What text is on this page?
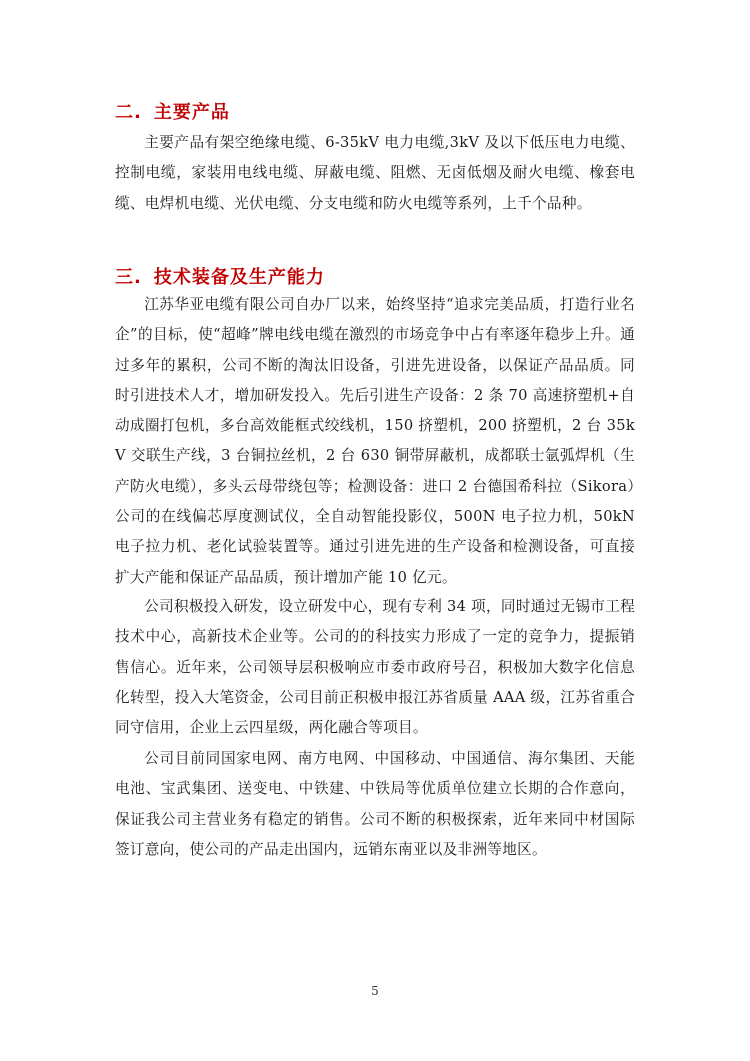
二. 主要产品

主要产品有架空绝缘电缆、6-35kV 电力电缆,3kV 及以下低压电力电缆、控制电缆，家装用电线电缆、屏蔽电缆、阻燃、无卤低烟及耐火电缆、橡套电缆、电焊机电缆、光伏电缆、分支电缆和防火电缆等系列，上千个品种。

三. 技术装备及生产能力

江苏华亚电缆有限公司自办厂以来，始终坚持“追求完美品质，打造行业名企”的目标，使“超峰”牌电线电缆在激烈的市场竞争中占有率逐年稳步上升。通过多年的累积，公司不断的淘汰旧设备，引进先进设备，以保证产品品质。同时引进技术人才，增加研发投入。先后引进生产设备：2 条 70 高速挤塑机+自动成圈打包机，多台高效能框式绞线机，150 挤塑机，200 挤塑机，2 台 35kV 交联生产线，3 台铜拉丝机，2 台 630 铜带屏蔽机，成都联士氩弧焊机（生产防火电缆），多头云母带绕包等；检测设备：进口 2 台德国希科拉（Sikora）公司的在线偏芯厚度测试仪，全自动智能投影仪，500N 电子拉力机，50kN 电子拉力机、老化试验装置等。通过引进先进的生产设备和检测设备，可直接扩大产能和保证产品品质，预计增加产能 10 亿元。

公司积极投入研发，设立研发中心，现有专利 34 项，同时通过无锡市工程技术中心，高新技术企业等。公司的的科技实力形成了一定的竞争力，提振销售信心。近年来，公司领导层积极响应市委市政府号召，积极加大数字化信息化转型，投入大笔资金，公司目前正积极申报江苏省质量 AAA 级，江苏省重合同守信用，企业上云四星级，两化融合等项目。

公司目前同国家电网、南方电网、中国移动、中国通信、海尔集团、天能电池、宝武集团、送变电、中铁建、中铁局等优质单位建立长期的合作意向，保证我公司主营业务有稳定的销售。公司不断的积极探索，近年来同中材国际签订意向，使公司的产品走出国内，远销东南亚以及非洲等地区。

5
